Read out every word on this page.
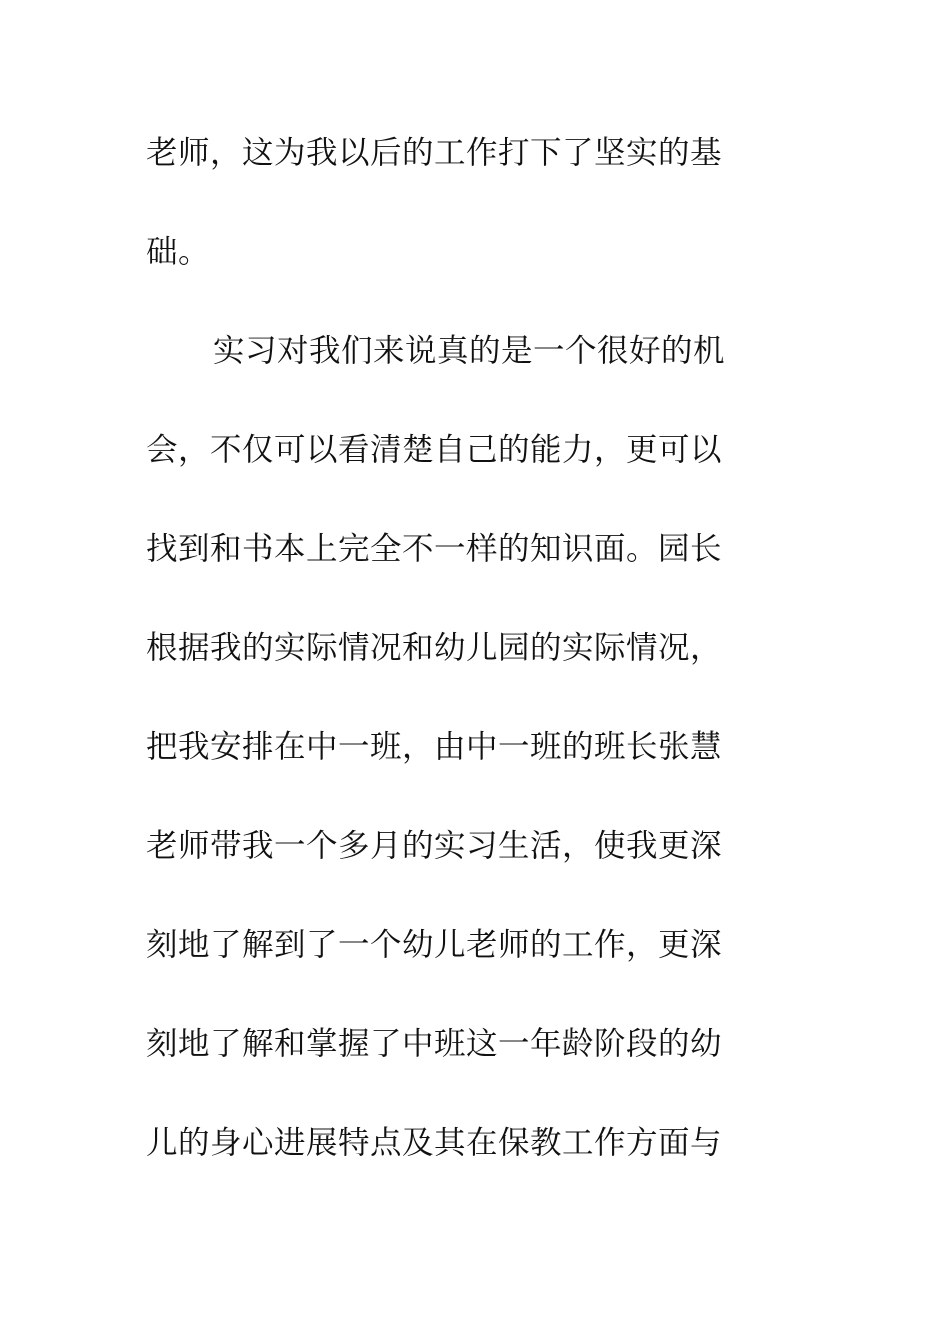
老师，这为我以后的工作打下了坚实的基
础。
实习对我们来说真的是一个很好的机
会，不仅可以看清楚自己的能力，更可以
找到和书本上完全不一样的知识面。园长
根据我的实际情况和幼儿园的实际情况，
把我安排在中一班，由中一班的班长张慧
老师带我一个多月的实习生活，使我更深
刻地了解到了一个幼儿老师的工作，更深
刻地了解和掌握了中班这一年龄阶段的幼
儿的身心进展特点及其在保教工作方面与
